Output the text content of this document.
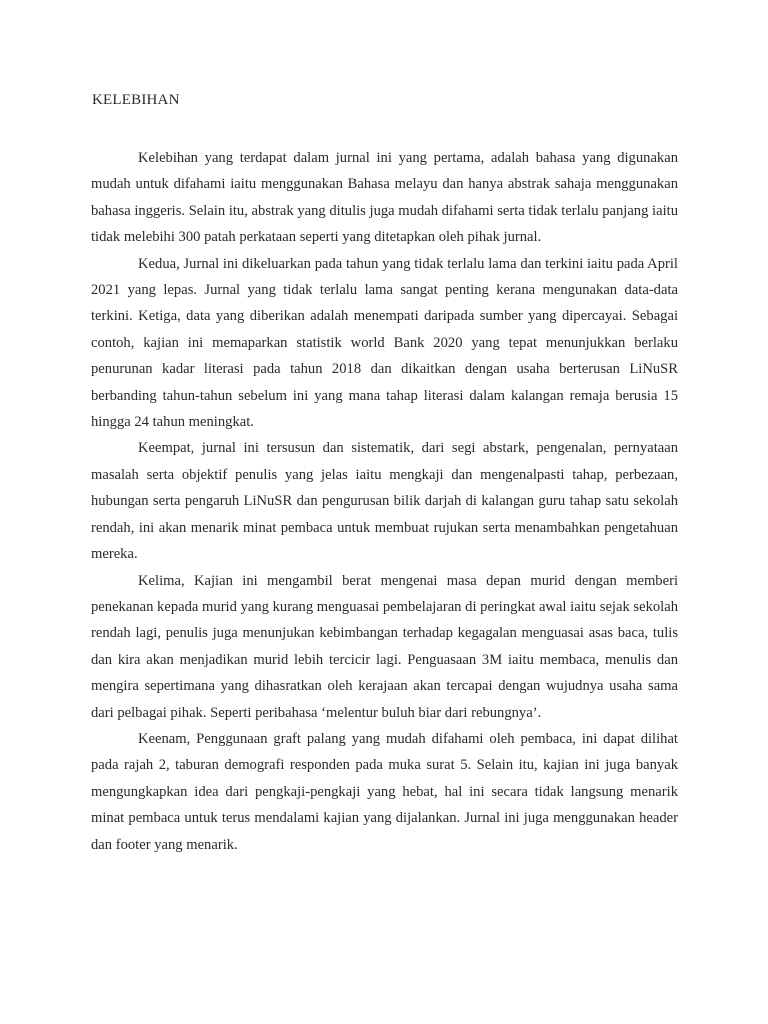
KELEBIHAN

Kelebihan yang terdapat dalam jurnal ini yang pertama, adalah bahasa yang digunakan mudah untuk difahami iaitu menggunakan Bahasa melayu dan hanya abstrak sahaja menggunakan bahasa inggeris. Selain itu, abstrak yang ditulis juga mudah difahami serta tidak terlalu panjang iaitu tidak melebihi 300 patah perkataan seperti yang ditetapkan oleh pihak jurnal.

Kedua, Jurnal ini dikeluarkan pada tahun yang tidak terlalu lama dan terkini iaitu pada April 2021 yang lepas. Jurnal yang tidak terlalu lama sangat penting kerana mengunakan data-data terkini. Ketiga, data yang diberikan adalah menempati daripada sumber yang dipercayai. Sebagai contoh, kajian ini memaparkan statistik world Bank 2020 yang tepat menunjukkan berlaku penurunan kadar literasi pada tahun 2018 dan dikaitkan dengan usaha berterusan LiNuSR berbanding tahun-tahun sebelum ini yang mana tahap literasi dalam kalangan remaja berusia 15 hingga 24 tahun meningkat.

Keempat, jurnal ini tersusun dan sistematik, dari segi abstark, pengenalan, pernyataan masalah serta objektif penulis yang jelas iaitu mengkaji dan mengenalpasti tahap, perbezaan, hubungan serta pengaruh LiNuSR dan pengurusan bilik darjah di kalangan guru tahap satu sekolah rendah, ini akan menarik minat pembaca untuk membuat rujukan serta menambahkan pengetahuan mereka.

Kelima, Kajian ini mengambil berat mengenai masa depan murid dengan memberi penekanan kepada murid yang kurang menguasai pembelajaran di peringkat awal iaitu sejak sekolah rendah lagi, penulis juga menunjukan kebimbangan terhadap kegagalan menguasai asas baca, tulis dan kira akan menjadikan murid lebih tercicir lagi. Penguasaan 3M iaitu membaca, menulis dan mengira sepertimana yang dihasratkan oleh kerajaan akan tercapai dengan wujudnya usaha sama dari pelbagai pihak. Seperti peribahasa ‘melentur buluh biar dari rebungnya’.

Keenam, Penggunaan graft palang yang mudah difahami oleh pembaca, ini dapat dilihat pada rajah 2, taburan demografi responden pada muka surat 5. Selain itu, kajian ini juga banyak mengungkapkan idea dari pengkaji-pengkaji yang hebat, hal ini secara tidak langsung menarik minat pembaca untuk terus mendalami kajian yang dijalankan. Jurnal ini juga menggunakan header dan footer yang menarik.
